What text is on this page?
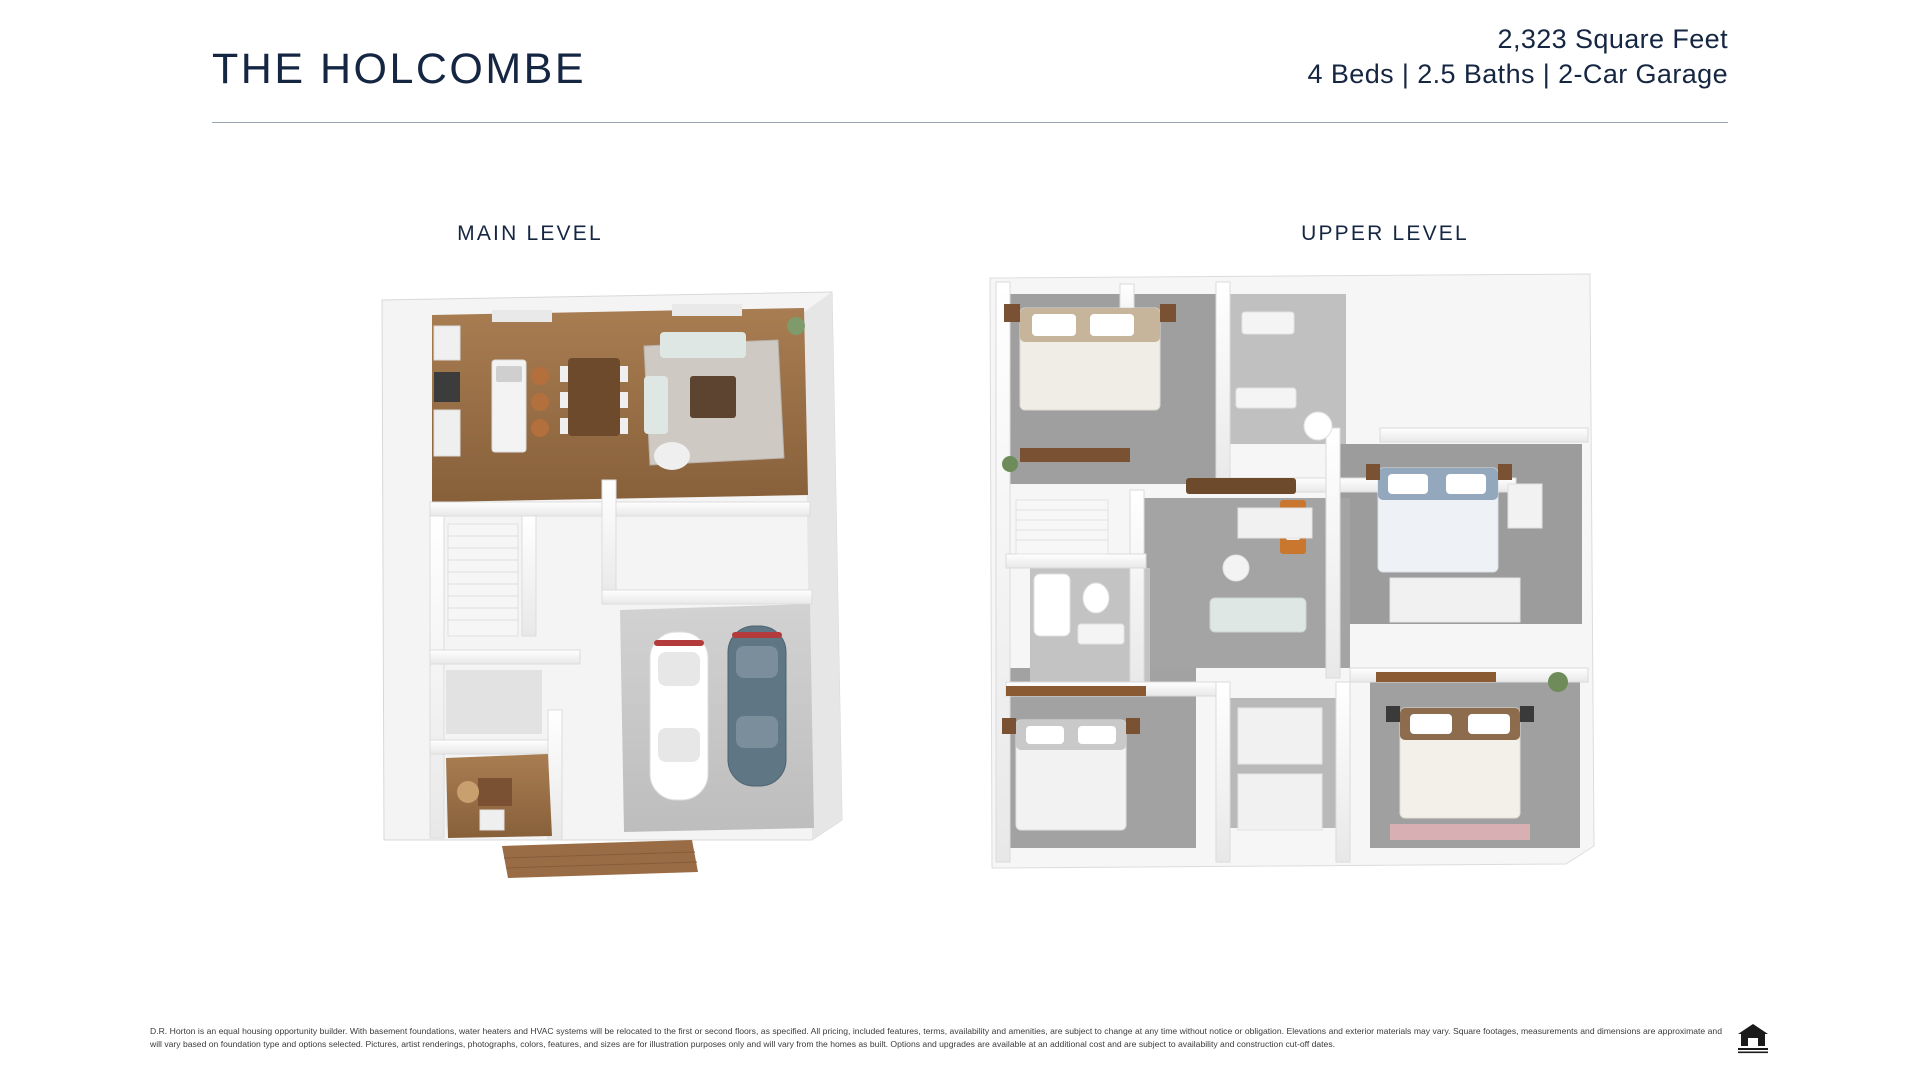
THE HOLCOMBE
2,323 Square Feet
4 Beds | 2.5 Baths | 2-Car Garage
MAIN LEVEL	UPPER LEVEL
D.R. Horton is an equal housing opportunity builder. With basement foundations, water heaters and HVAC systems will be relocated to the first or second floors, as specified. All pricing, included features, terms, availability and amenities, are subject to change at any time without notice or obligation. Elevations and exterior materials may vary. Square footages, measurements and dimensions are approximate and will vary based on foundation type and options selected. Pictures, artist renderings, photographs, colors, features, and sizes are for illustration purposes only and will vary from the homes as built. Options and upgrades are available at an additional cost and are subject to availability and construction cut-off dates.
